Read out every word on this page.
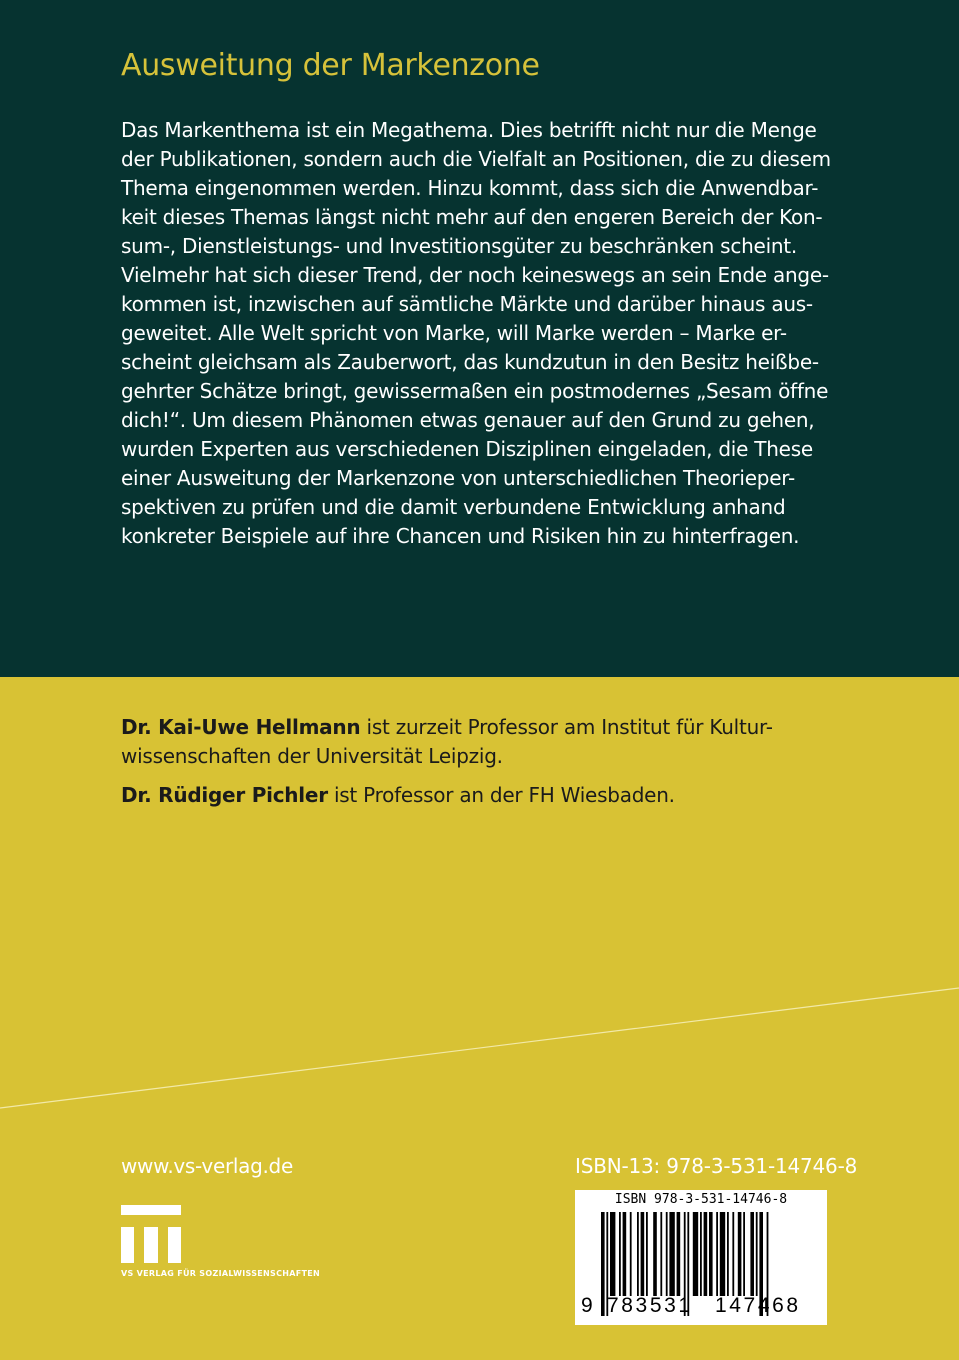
Ausweitung der Markenzone
Das Markenthema ist ein Megathema. Dies betrifft nicht nur die Menge
der Publikationen, sondern auch die Vielfalt an Positionen, die zu diesem
Thema eingenommen werden. Hinzu kommt, dass sich die Anwendbar-
keit dieses Themas längst nicht mehr auf den engeren Bereich der Kon-
sum-, Dienstleistungs- und Investitionsgüter zu beschränken scheint.
Vielmehr hat sich dieser Trend, der noch keineswegs an sein Ende ange-
kommen ist, inzwischen auf sämtliche Märkte und darüber hinaus aus-
geweitet. Alle Welt spricht von Marke, will Marke werden – Marke er-
scheint gleichsam als Zauberwort, das kundzutun in den Besitz heißbe-
gehrter Schätze bringt, gewissermaßen ein postmodernes „Sesam öffne
dich!“. Um diesem Phänomen etwas genauer auf den Grund zu gehen,
wurden Experten aus verschiedenen Disziplinen eingeladen, die These
einer Ausweitung der Markenzone von unterschiedlichen Theorieper-
spektiven zu prüfen und die damit verbundene Entwicklung anhand
konkreter Beispiele auf ihre Chancen und Risiken hin zu hinterfragen.
Dr. Kai-Uwe Hellmann ist zurzeit Professor am Institut für Kultur-
wissenschaften der Universität Leipzig.
Dr. Rüdiger Pichler ist Professor an der FH Wiesbaden.
www.vs-verlag.de	ISBN-13: 978-3-531-14746-8
VS VERLAG FÜR SOZIALWISSENSCHAFTEN
ISBN 978-3-531-14746-8
9 783531 147468
